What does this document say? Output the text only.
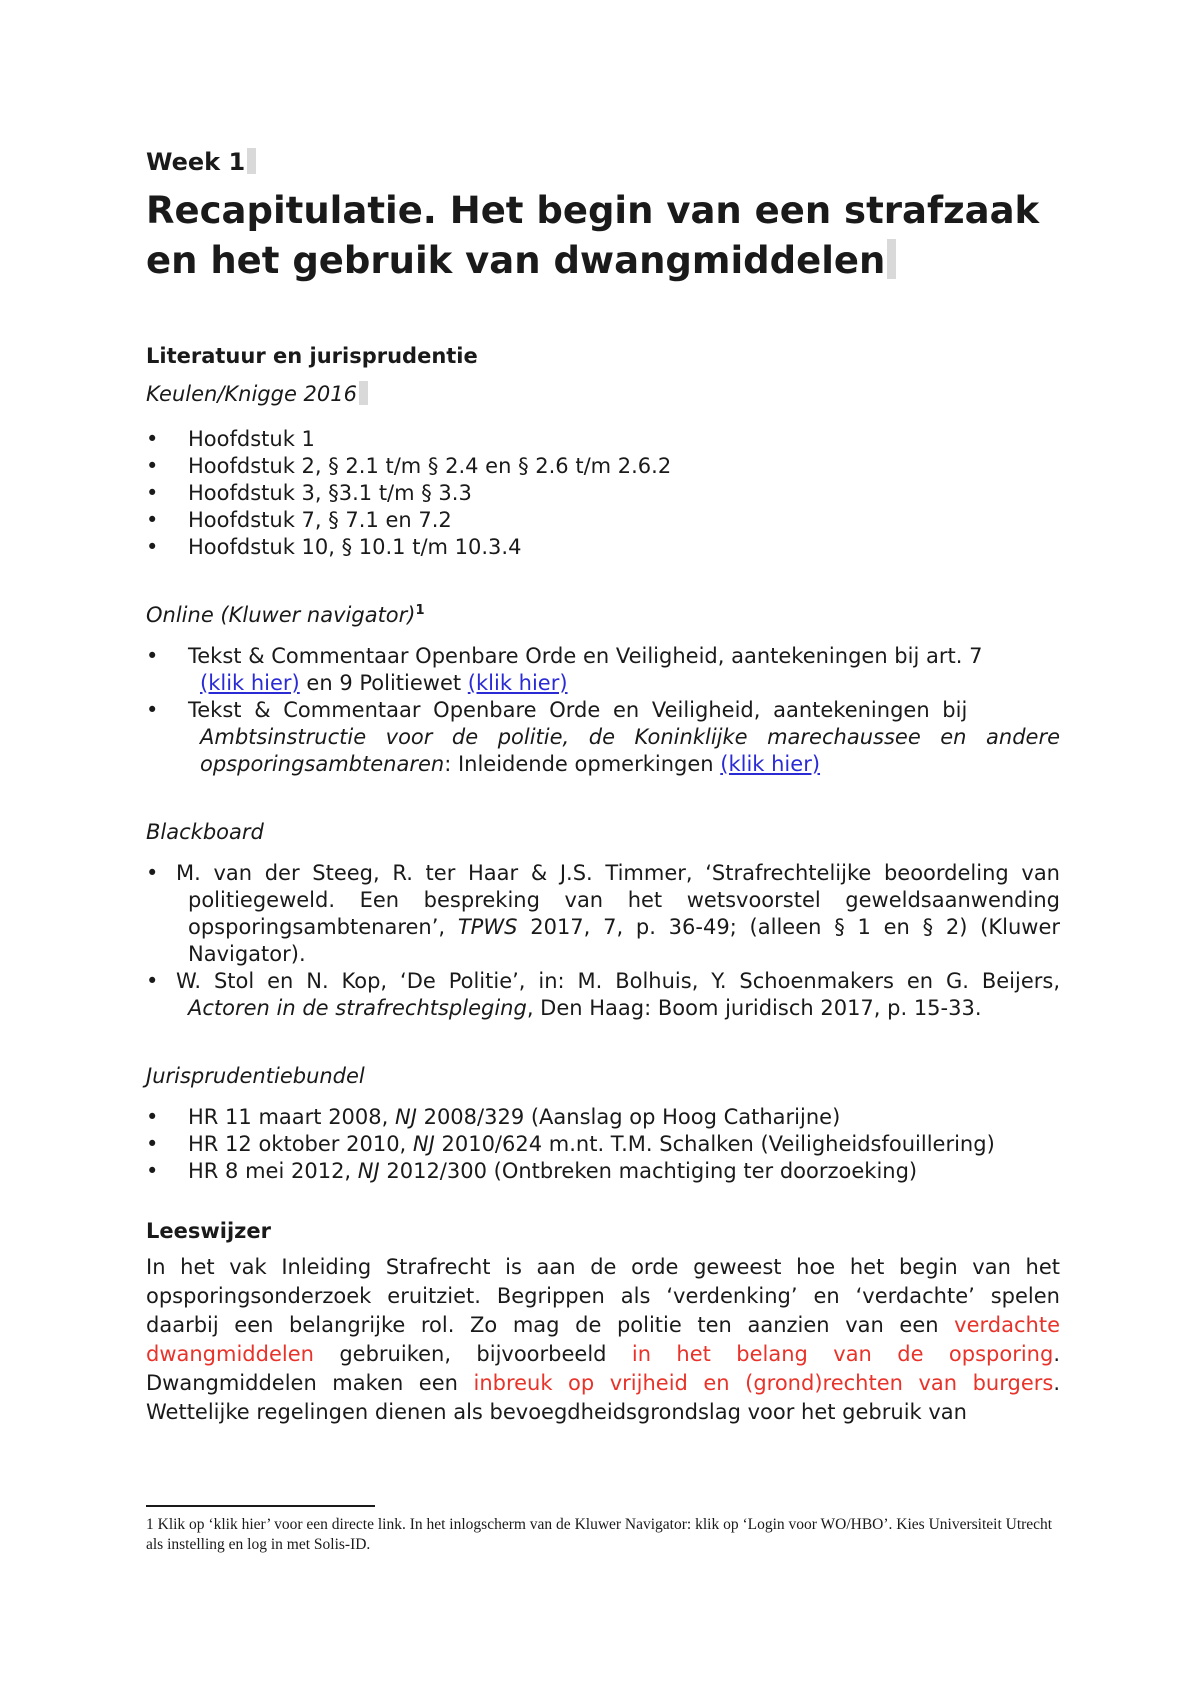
Week 1
Recapitulatie. Het begin van een strafzaak
en het gebruik van dwangmiddelen
Literatuur en jurisprudentie

Keulen/Knigge 2016

• Hoofdstuk 1
• Hoofdstuk 2, § 2.1 t/m § 2.4 en § 2.6 t/m 2.6.2
• Hoofdstuk 3, §3.1 t/m § 3.3
• Hoofdstuk 7, § 7.1 en 7.2
• Hoofdstuk 10, § 10.1 t/m 10.3.4

Online (Kluwer navigator)$^1$

• Tekst & Commentaar Openbare Orde en Veiligheid, aantekeningen bij art. 7
(klik hier) en 9 Politiewet (klik hier)
• Tekst & Commentaar Openbare Orde en Veiligheid, aantekeningen bij
Ambtsinstructie voor de politie, de Koninklijke marechaussee en andere opsporingsambtenaren: Inleidende opmerkingen (klik hier)

Blackboard

• M. van der Steeg, R. ter Haar & J.S. Timmer, ‘Strafrechtelijke beoordeling van politiegeweld. Een bespreking van het wetsvoorstel geweldsaanwending opsporingsambtenaren’, TPWS 2017, 7, p. 36-49; (alleen § 1 en § 2) (Kluwer Navigator).
• W. Stol en N. Kop, ‘De Politie’, in: M. Bolhuis, Y. Schoenmakers en G. Beijers, Actoren in de strafrechtspleging, Den Haag: Boom juridisch 2017, p. 15-33.

Jurisprudentiebundel

• HR 11 maart 2008, NJ 2008/329 (Aanslag op Hoog Catharijne)
• HR 12 oktober 2010, NJ 2010/624 m.nt. T.M. Schalken (Veiligheidsfouillering)
• HR 8 mei 2012, NJ 2012/300 (Ontbreken machtiging ter doorzoeking)
Leeswijzer

In het vak Inleiding Strafrecht is aan de orde geweest hoe het begin van het opsporingsonderzoek eruitziet. Begrippen als ‘verdenking’ en ‘verdachte’ spelen daarbij een belangrijke rol. Zo mag de politie ten aanzien van een verdachte dwangmiddelen gebruiken, bijvoorbeeld in het belang van de opsporing. Dwangmiddelen maken een inbreuk op vrijheid en (grond)rechten van burgers. Wettelijke regelingen dienen als bevoegdheidsgrondslag voor het gebruik van

1 Klik op ‘klik hier’ voor een directe link. In het inlogscherm van de Kluwer Navigator: klik op ‘Login voor WO/HBO’. Kies Universiteit Utrecht als instelling en log in met Solis-ID.
